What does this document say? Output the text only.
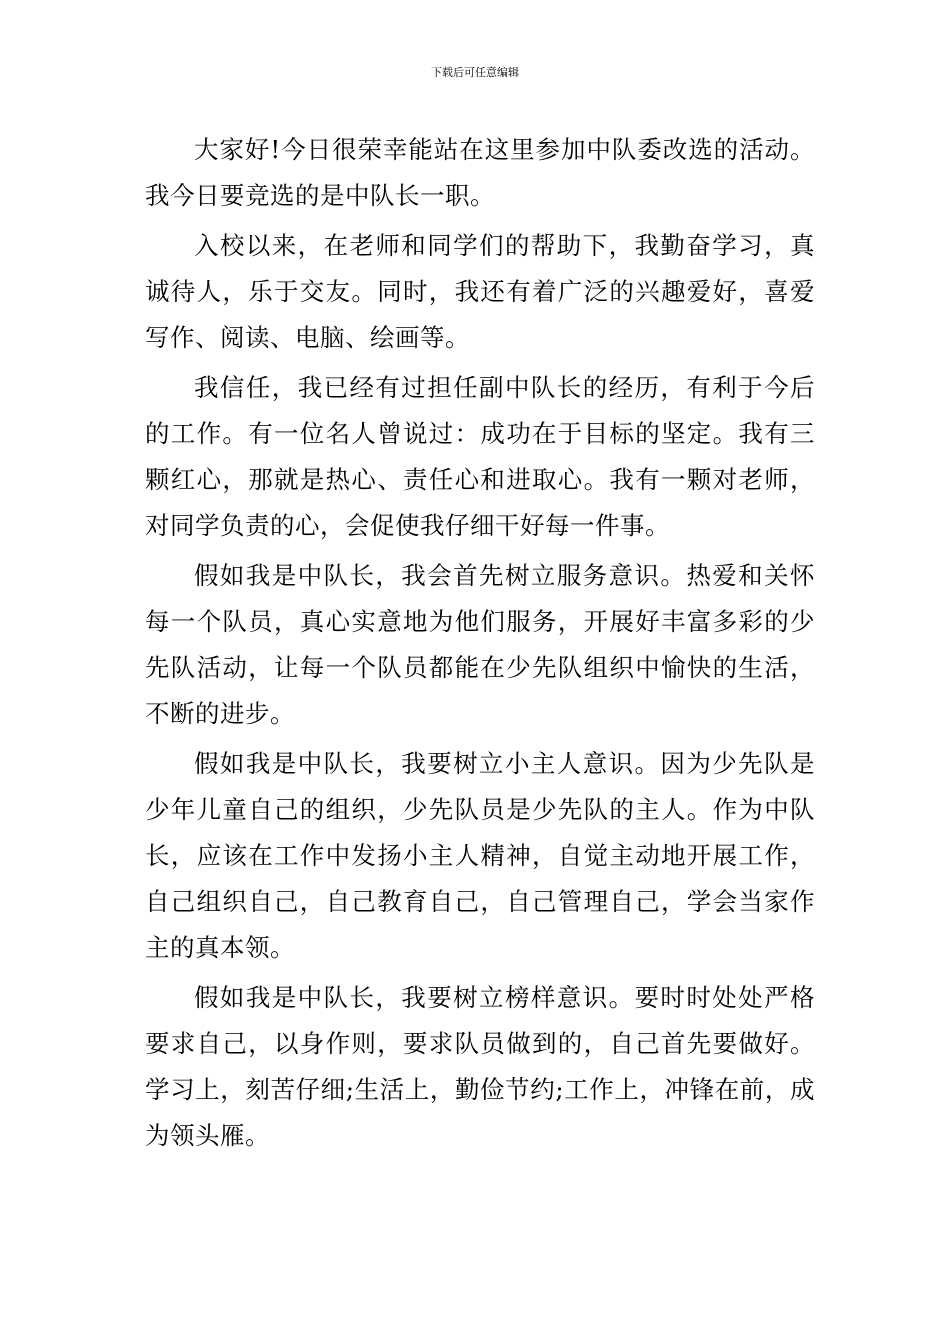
下载后可任意编辑

大家好!今日很荣幸能站在这里参加中队委改选的活动。我今日要竞选的是中队长一职。

入校以来，在老师和同学们的帮助下，我勤奋学习，真诚待人，乐于交友。同时，我还有着广泛的兴趣爱好，喜爱写作、阅读、电脑、绘画等。

我信任，我已经有过担任副中队长的经历，有利于今后的工作。有一位名人曾说过：成功在于目标的坚定。我有三颗红心，那就是热心、责任心和进取心。我有一颗对老师，对同学负责的心，会促使我仔细干好每一件事。

假如我是中队长，我会首先树立服务意识。热爱和关怀每一个队员，真心实意地为他们服务，开展好丰富多彩的少先队活动，让每一个队员都能在少先队组织中愉快的生活，不断的进步。

假如我是中队长，我要树立小主人意识。因为少先队是少年儿童自己的组织，少先队员是少先队的主人。作为中队长，应该在工作中发扬小主人精神，自觉主动地开展工作，自己组织自己，自己教育自己，自己管理自己，学会当家作主的真本领。

假如我是中队长，我要树立榜样意识。要时时处处严格要求自己，以身作则，要求队员做到的，自己首先要做好。学习上，刻苦仔细;生活上，勤俭节约;工作上，冲锋在前，成为领头雁。
